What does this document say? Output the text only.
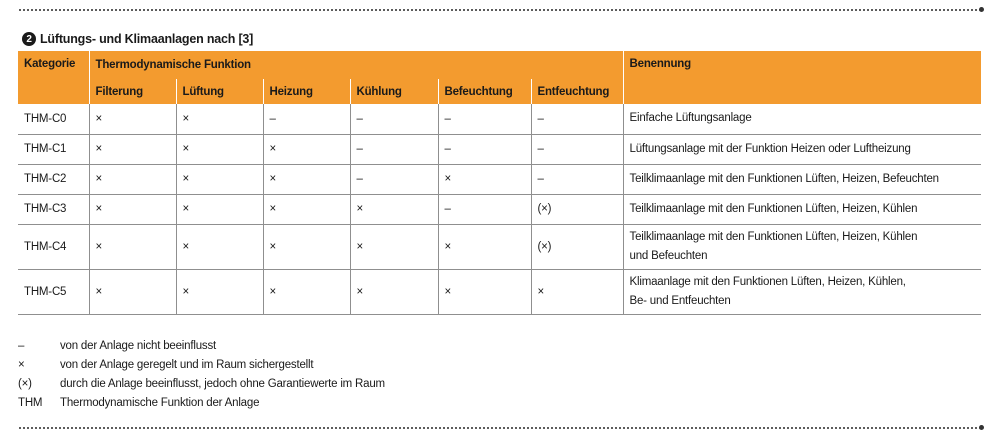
2 Lüftungs- und Klimaanlagen nach [3]
Kategorie	Thermodynamische Funktion						Benennung
	Filterung	Lüftung	Heizung	Kühlung	Befeuchtung	Entfeuchtung	
THM-C0	×	×	–	–	–	–	Einfache Lüftungsanlage
THM-C1	×	×	×	–	–	–	Lüftungsanlage mit der Funktion Heizen oder Luftheizung
THM-C2	×	×	×	–	×	–	Teilklimaanlage mit den Funktionen Lüften, Heizen, Befeuchten
THM-C3	×	×	×	×	–	(×)	Teilklimaanlage mit den Funktionen Lüften, Heizen, Kühlen
THM-C4	×	×	×	×	×	(×)	Teilklimaanlage mit den Funktionen Lüften, Heizen, Kühlen
und Befeuchten

THM-C5	×	×	×	×	×	×	Klimaanlage mit den Funktionen Lüften, Heizen, Kühlen,
Be- und Entfeuchten
–	von der Anlage nicht beeinflusst
×	von der Anlage geregelt und im Raum sichergestellt
(×)	durch die Anlage beeinflusst, jedoch ohne Garantiewerte im Raum
THM	Thermodynamische Funktion der Anlage
